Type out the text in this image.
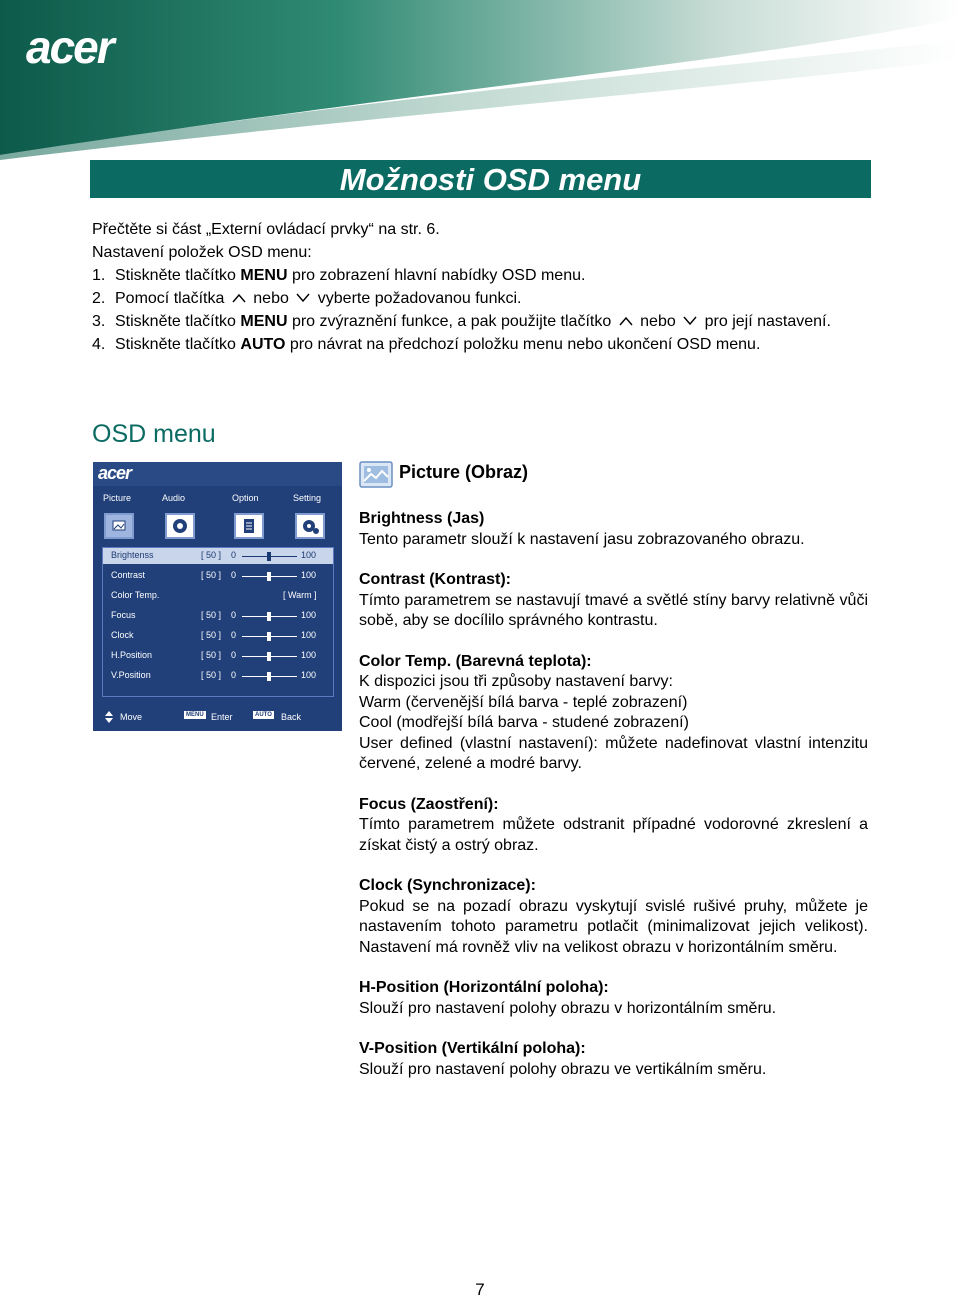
acer
Možnosti OSD menu

Přečtěte si část „Externí ovládací prvky“ na str. 6.

Nastavení položek OSD menu:

1. Stiskněte tlačítko MENU pro zobrazení hlavní nabídky OSD menu.
2. Pomocí tlačítka nebo vyberte požadovanou funkci.
3. Stiskněte tlačítko MENU pro zvýraznění funkce, a pak použijte tlačítko nebo pro její nastavení.
4. Stiskněte tlačítko AUTO pro návrat na předchozí položku menu nebo ukončení OSD menu.
OSD menu
acer
Picture	Audio	Option	Setting
Brightenss	[ 50 ] 0	100
Contrast	[ 50 ] 0	100
Color Temp.	[ Warm ]
Focus	[ 50 ] 0	100
Clock	[ 50 ] 0	100
H.Position	[ 50 ] 0	100
V.Position	[ 50 ] 0	100
Move	MENU Enter	AUTO Back
Picture (Obraz)

Brightness (Jas)

Tento parametr slouží k nastavení jasu zobrazovaného obrazu.

Contrast (Kontrast):

Tímto parametrem se nastavují tmavé a světlé stíny barvy relativně vůči sobě, aby se docílilo správného kontrastu.

Color Temp. (Barevná teplota):

K dispozici jsou tři způsoby nastavení barvy:

Warm (červenější bílá barva - teplé zobrazení)

Cool (modřejší bílá barva - studené zobrazení)

User defined (vlastní nastavení): můžete nadefinovat vlastní intenzitu červené, zelené a modré barvy.

Focus (Zaostření):

Tímto parametrem můžete odstranit případné vodorovné zkreslení a získat čistý a ostrý obraz.

Clock (Synchronizace):

Pokud se na pozadí obrazu vyskytují svislé rušivé pruhy, můžete je nastavením tohoto parametru potlačit (minimalizovat jejich velikost). Nastavení má rovněž vliv na velikost obrazu v horizontálním směru.

H-Position (Horizontální poloha):

Slouží pro nastavení polohy obrazu v horizontálním směru.

V-Position (Vertikální poloha):

Slouží pro nastavení polohy obrazu ve vertikálním směru.

7
